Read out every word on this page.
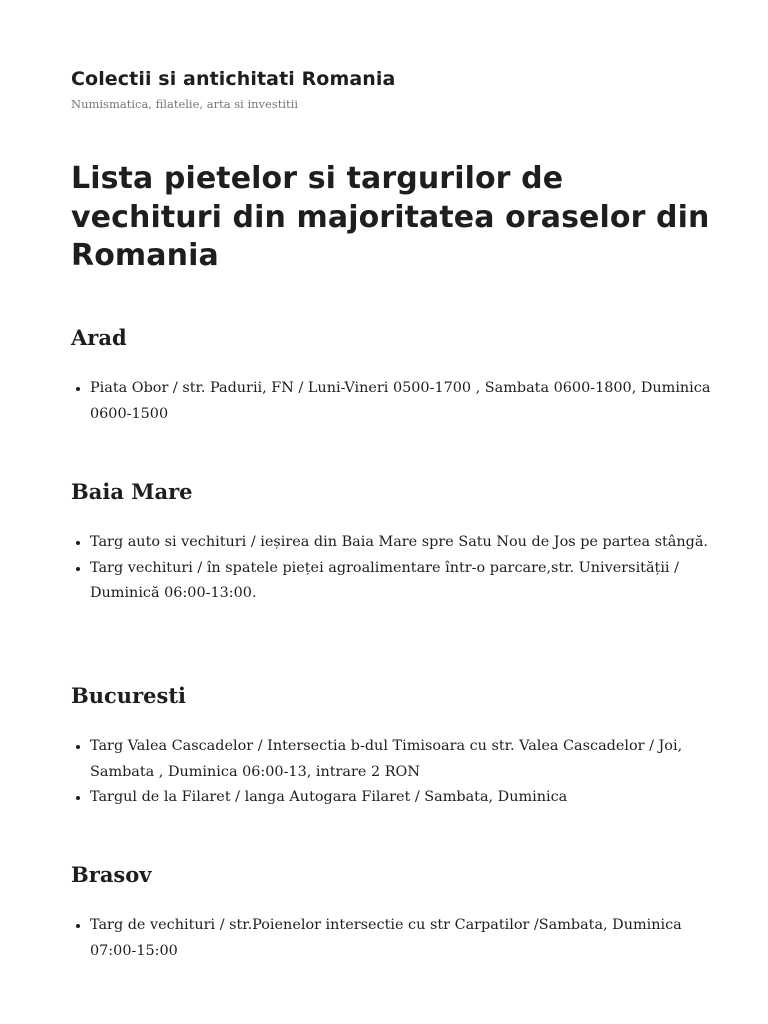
Colectii si antichitati Romania

Numismatica, filatelie, arta si investitii

Lista pietelor si targurilor de vechituri din majoritatea oraselor din Romania
Arad
• Piata Obor / str. Padurii, FN / Luni-Vineri 0500-1700 , Sambata 0600-1800, Duminica 0600-1500
Baia Mare
• Targ auto si vechituri / ieșirea din Baia Mare spre Satu Nou de Jos pe partea stângă.
• Targ vechituri / în spatele pieței agroalimentare într-o parcare,str. Universității / Duminică 06:00-13:00.
Bucuresti
• Targ Valea Cascadelor / Intersectia b-dul Timisoara cu str. Valea Cascadelor / Joi, Sambata , Duminica 06:00-13, intrare 2 RON
• Targul de la Filaret / langa Autogara Filaret / Sambata, Duminica
Brasov
• Targ de vechituri / str.Poienelor intersectie cu str Carpatilor /Sambata, Duminica 07:00-15:00
